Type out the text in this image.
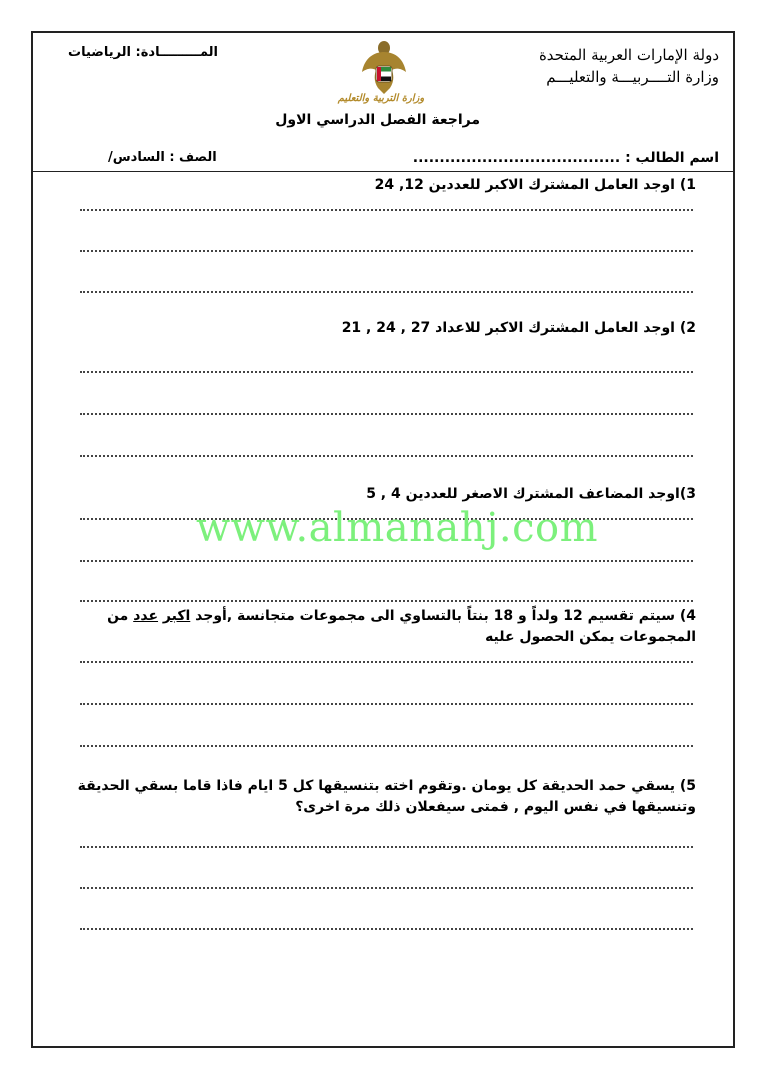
دولة الإمارات العربية المتحدة
وزارة التــــربيـــة والتعليـــم
المـــــــــادة: الرياضيات
وزارة التربية والتعليم
مراجعة الفصل الدراسي الاول
اسم الطالب : .......................................
الصف : السادس/
1) اوجد العامل المشترك الاكبر للعددين 12, 24
2) اوجد العامل المشترك الاكبر للاعداد 27 , 24 , 21
3)اوجد المضاعف المشترك الاصغر للعددين 4 , 5
www.almanahj.com
4) سيتم تقسيم 12 ولداً و 18 بنتاً بالتساوي الى مجموعات متجانسة ,أوجد اكبر عدد من المجموعات يمكن الحصول عليه
5) يسقي حمد الحديقة كل يومان .وتقوم اخته بتنسيقها كل 5 ايام فاذا قاما بسقي الحديقة وتنسيقها في نفس اليوم , فمتى سيفعلان ذلك مرة اخرى؟
